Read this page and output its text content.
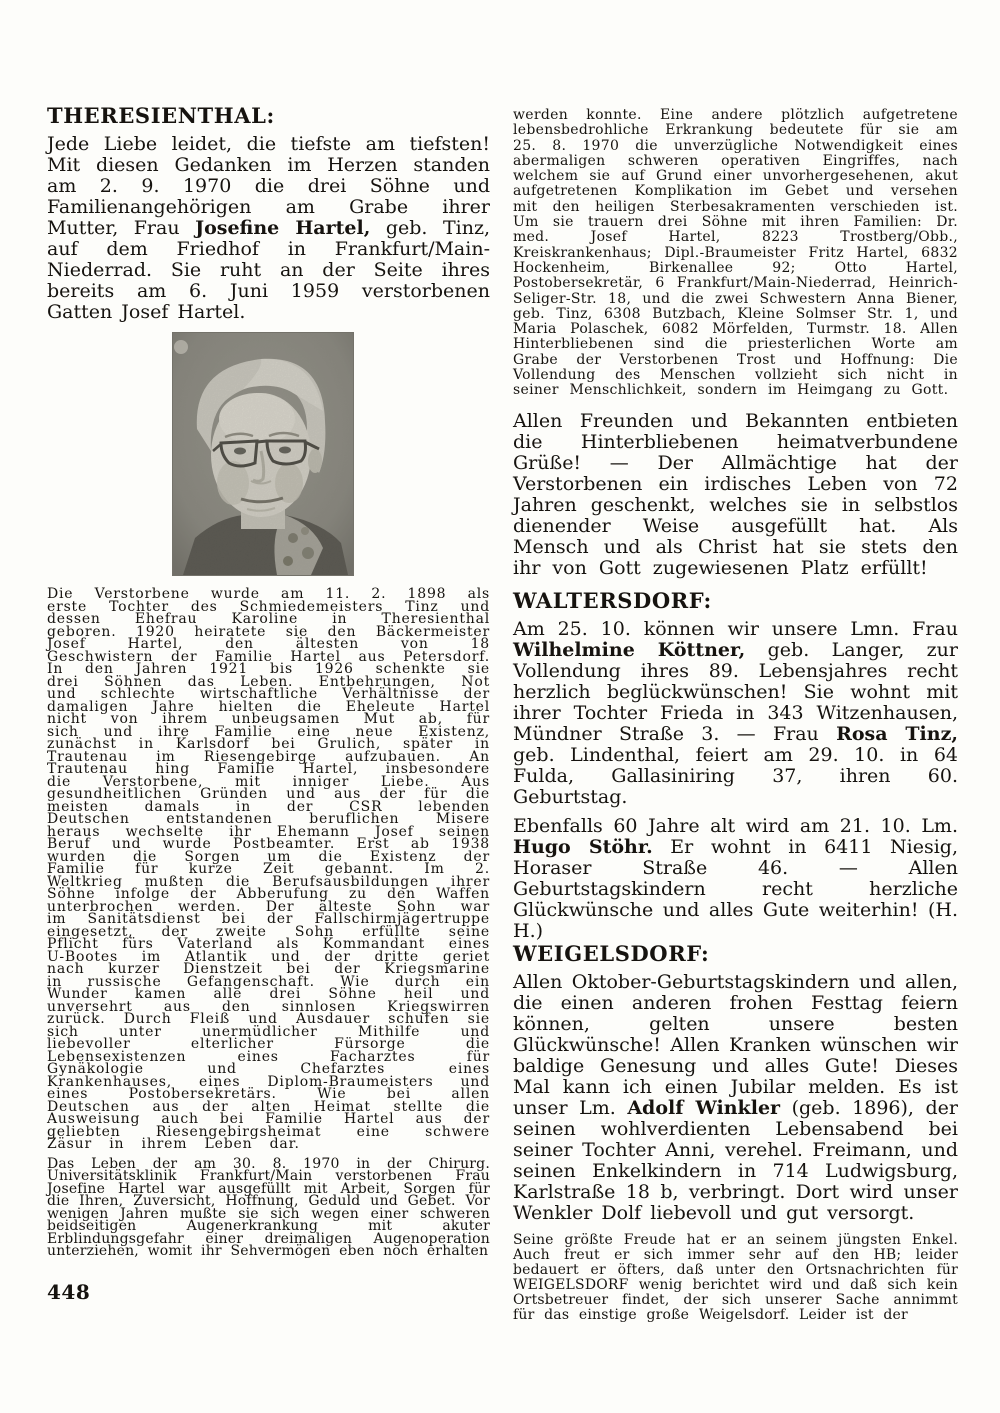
THERESIENTHAL:

Jede Liebe leidet, die tiefste am tiefsten! Mit diesen Gedanken im Herzen standen am 2. 9. 1970 die drei Söhne und Familienangehörigen am Grabe ihrer Mutter, Frau Josefine Hartel, geb. Tinz, auf dem Friedhof in Frankfurt/Main-Niederrad. Sie ruht an der Seite ihres bereits am 6. Juni 1959 verstorbenen Gatten Josef Hartel.

Die Verstorbene wurde am 11. 2. 1898 als erste Tochter des Schmiedemeisters Tinz und dessen Ehefrau Karoline in Theresienthal geboren. 1920 heiratete sie den Bäckermeister Josef Hartel, den ältesten von 18 Geschwistern der Familie Hartel aus Petersdorf. In den Jahren 1921 bis 1926 schenkte sie drei Söhnen das Leben. Entbehrungen, Not und schlechte wirtschaftliche Verhältnisse der damaligen Jahre hielten die Eheleute Hartel nicht von ihrem unbeugsamen Mut ab, für sich und ihre Familie eine neue Existenz, zunächst in Karlsdorf bei Grulich, später in Trautenau im Riesengebirge aufzubauen. An Trautenau hing Familie Hartel, insbesondere die Verstorbene, mit inniger Liebe. Aus gesundheitlichen Gründen und aus der für die meisten damals in der CSR lebenden Deutschen entstandenen beruflichen Misere heraus wechselte ihr Ehemann Josef seinen Beruf und wurde Postbeamter. Erst ab 1938 wurden die Sorgen um die Existenz der Familie für kurze Zeit gebannt. Im 2. Weltkrieg mußten die Berufsausbildungen ihrer Söhne infolge der Abberufung zu den Waffen unterbrochen werden. Der älteste Sohn war im Sanitätsdienst bei der Fallschirmjägertruppe eingesetzt, der zweite Sohn erfüllte seine Pflicht fürs Vaterland als Kommandant eines U-Bootes im Atlantik und der dritte geriet nach kurzer Dienstzeit bei der Kriegsmarine in russische Gefangenschaft. Wie durch ein Wunder kamen alle drei Söhne heil und unversehrt aus den sinnlosen Kriegswirren zurück. Durch Fleiß und Ausdauer schufen sie sich unter unermüdlicher Mithilfe und liebevoller elterlicher Fürsorge die Lebensexistenzen eines Facharztes für Gynäkologie und Chefarztes eines Krankenhauses, eines Diplom-Braumeisters und eines Postobersekretärs. Wie bei allen Deutschen aus der alten Heimat stellte die Ausweisung auch bei Familie Hartel aus der geliebten Riesengebirgsheimat eine schwere Zäsur in ihrem Leben dar.

Das Leben der am 30. 8. 1970 in der Chirurg. Universitätsklinik Frankfurt/Main verstorbenen Frau Josefine Hartel war ausgefüllt mit Arbeit, Sorgen für die Ihren, Zuversicht, Hoffnung, Geduld und Gebet. Vor wenigen Jahren mußte sie sich wegen einer schweren beidseitigen Augenerkrankung mit akuter Erblindungsgefahr einer dreimaligen Augenoperation unterziehen, womit ihr Sehvermögen eben noch erhalten

werden konnte. Eine andere plötzlich aufgetretene lebensbedrohliche Erkrankung bedeutete für sie am 25. 8. 1970 die unverzügliche Notwendigkeit eines abermaligen schweren operativen Eingriffes, nach welchem sie auf Grund einer unvorhergesehenen, akut aufgetretenen Komplikation im Gebet und versehen mit den heiligen Sterbesakramenten verschieden ist. Um sie trauern drei Söhne mit ihren Familien: Dr. med. Josef Hartel, 8223 Trostberg/Obb., Kreiskrankenhaus; Dipl.-Braumeister Fritz Hartel, 6832 Hockenheim, Birkenallee 92; Otto Hartel, Postobersekretär, 6 Frankfurt/Main-Niederrad, Heinrich-Seliger-Str. 18, und die zwei Schwestern Anna Biener, geb. Tinz, 6308 Butzbach, Kleine Solmser Str. 1, und Maria Polaschek, 6082 Mörfelden, Turmstr. 18. Allen Hinterbliebenen sind die priesterlichen Worte am Grabe der Verstorbenen Trost und Hoffnung: Die Vollendung des Menschen vollzieht sich nicht in seiner Menschlichkeit, sondern im Heimgang zu Gott.

Allen Freunden und Bekannten entbieten die Hinterbliebenen heimatverbundene Grüße! — Der Allmächtige hat der Verstorbenen ein irdisches Leben von 72 Jahren geschenkt, welches sie in selbstlos dienender Weise ausgefüllt hat. Als Mensch und als Christ hat sie stets den ihr von Gott zugewiesenen Platz erfüllt!

WALTERSDORF:

Am 25. 10. können wir unsere Lmn. Frau Wilhelmine Köttner, geb. Langer, zur Vollendung ihres 89. Lebensjahres recht herzlich beglückwünschen! Sie wohnt mit ihrer Tochter Frieda in 343 Witzenhausen, Mündner Straße 3. — Frau Rosa Tinz, geb. Lindenthal, feiert am 29. 10. in 64 Fulda, Gallasiniring 37, ihren 60. Geburtstag.

Ebenfalls 60 Jahre alt wird am 21. 10. Lm. Hugo Stöhr. Er wohnt in 6411 Niesig, Horaser Straße 46. — Allen Geburtstagskindern recht herzliche Glückwünsche und alles Gute weiterhin! (H. H.)

WEIGELSDORF:

Allen Oktober-Geburtstagskindern und allen, die einen anderen frohen Festtag feiern können, gelten unsere besten Glückwünsche! Allen Kranken wünschen wir baldige Genesung und alles Gute! Dieses Mal kann ich einen Jubilar melden. Es ist unser Lm. Adolf Winkler (geb. 1896), der seinen wohlverdienten Lebensabend bei seiner Tochter Anni, verehel. Freimann, und seinen Enkelkindern in 714 Ludwigsburg, Karlstraße 18 b, verbringt. Dort wird unser Wenkler Dolf liebevoll und gut versorgt.

Seine größte Freude hat er an seinem jüngsten Enkel. Auch freut er sich immer sehr auf den HB; leider bedauert er öfters, daß unter den Ortsnachrichten für WEIGELSDORF wenig berichtet wird und daß sich kein Ortsbetreuer findet, der sich unserer Sache annimmt für das einstige große Weigelsdorf. Leider ist der

448
